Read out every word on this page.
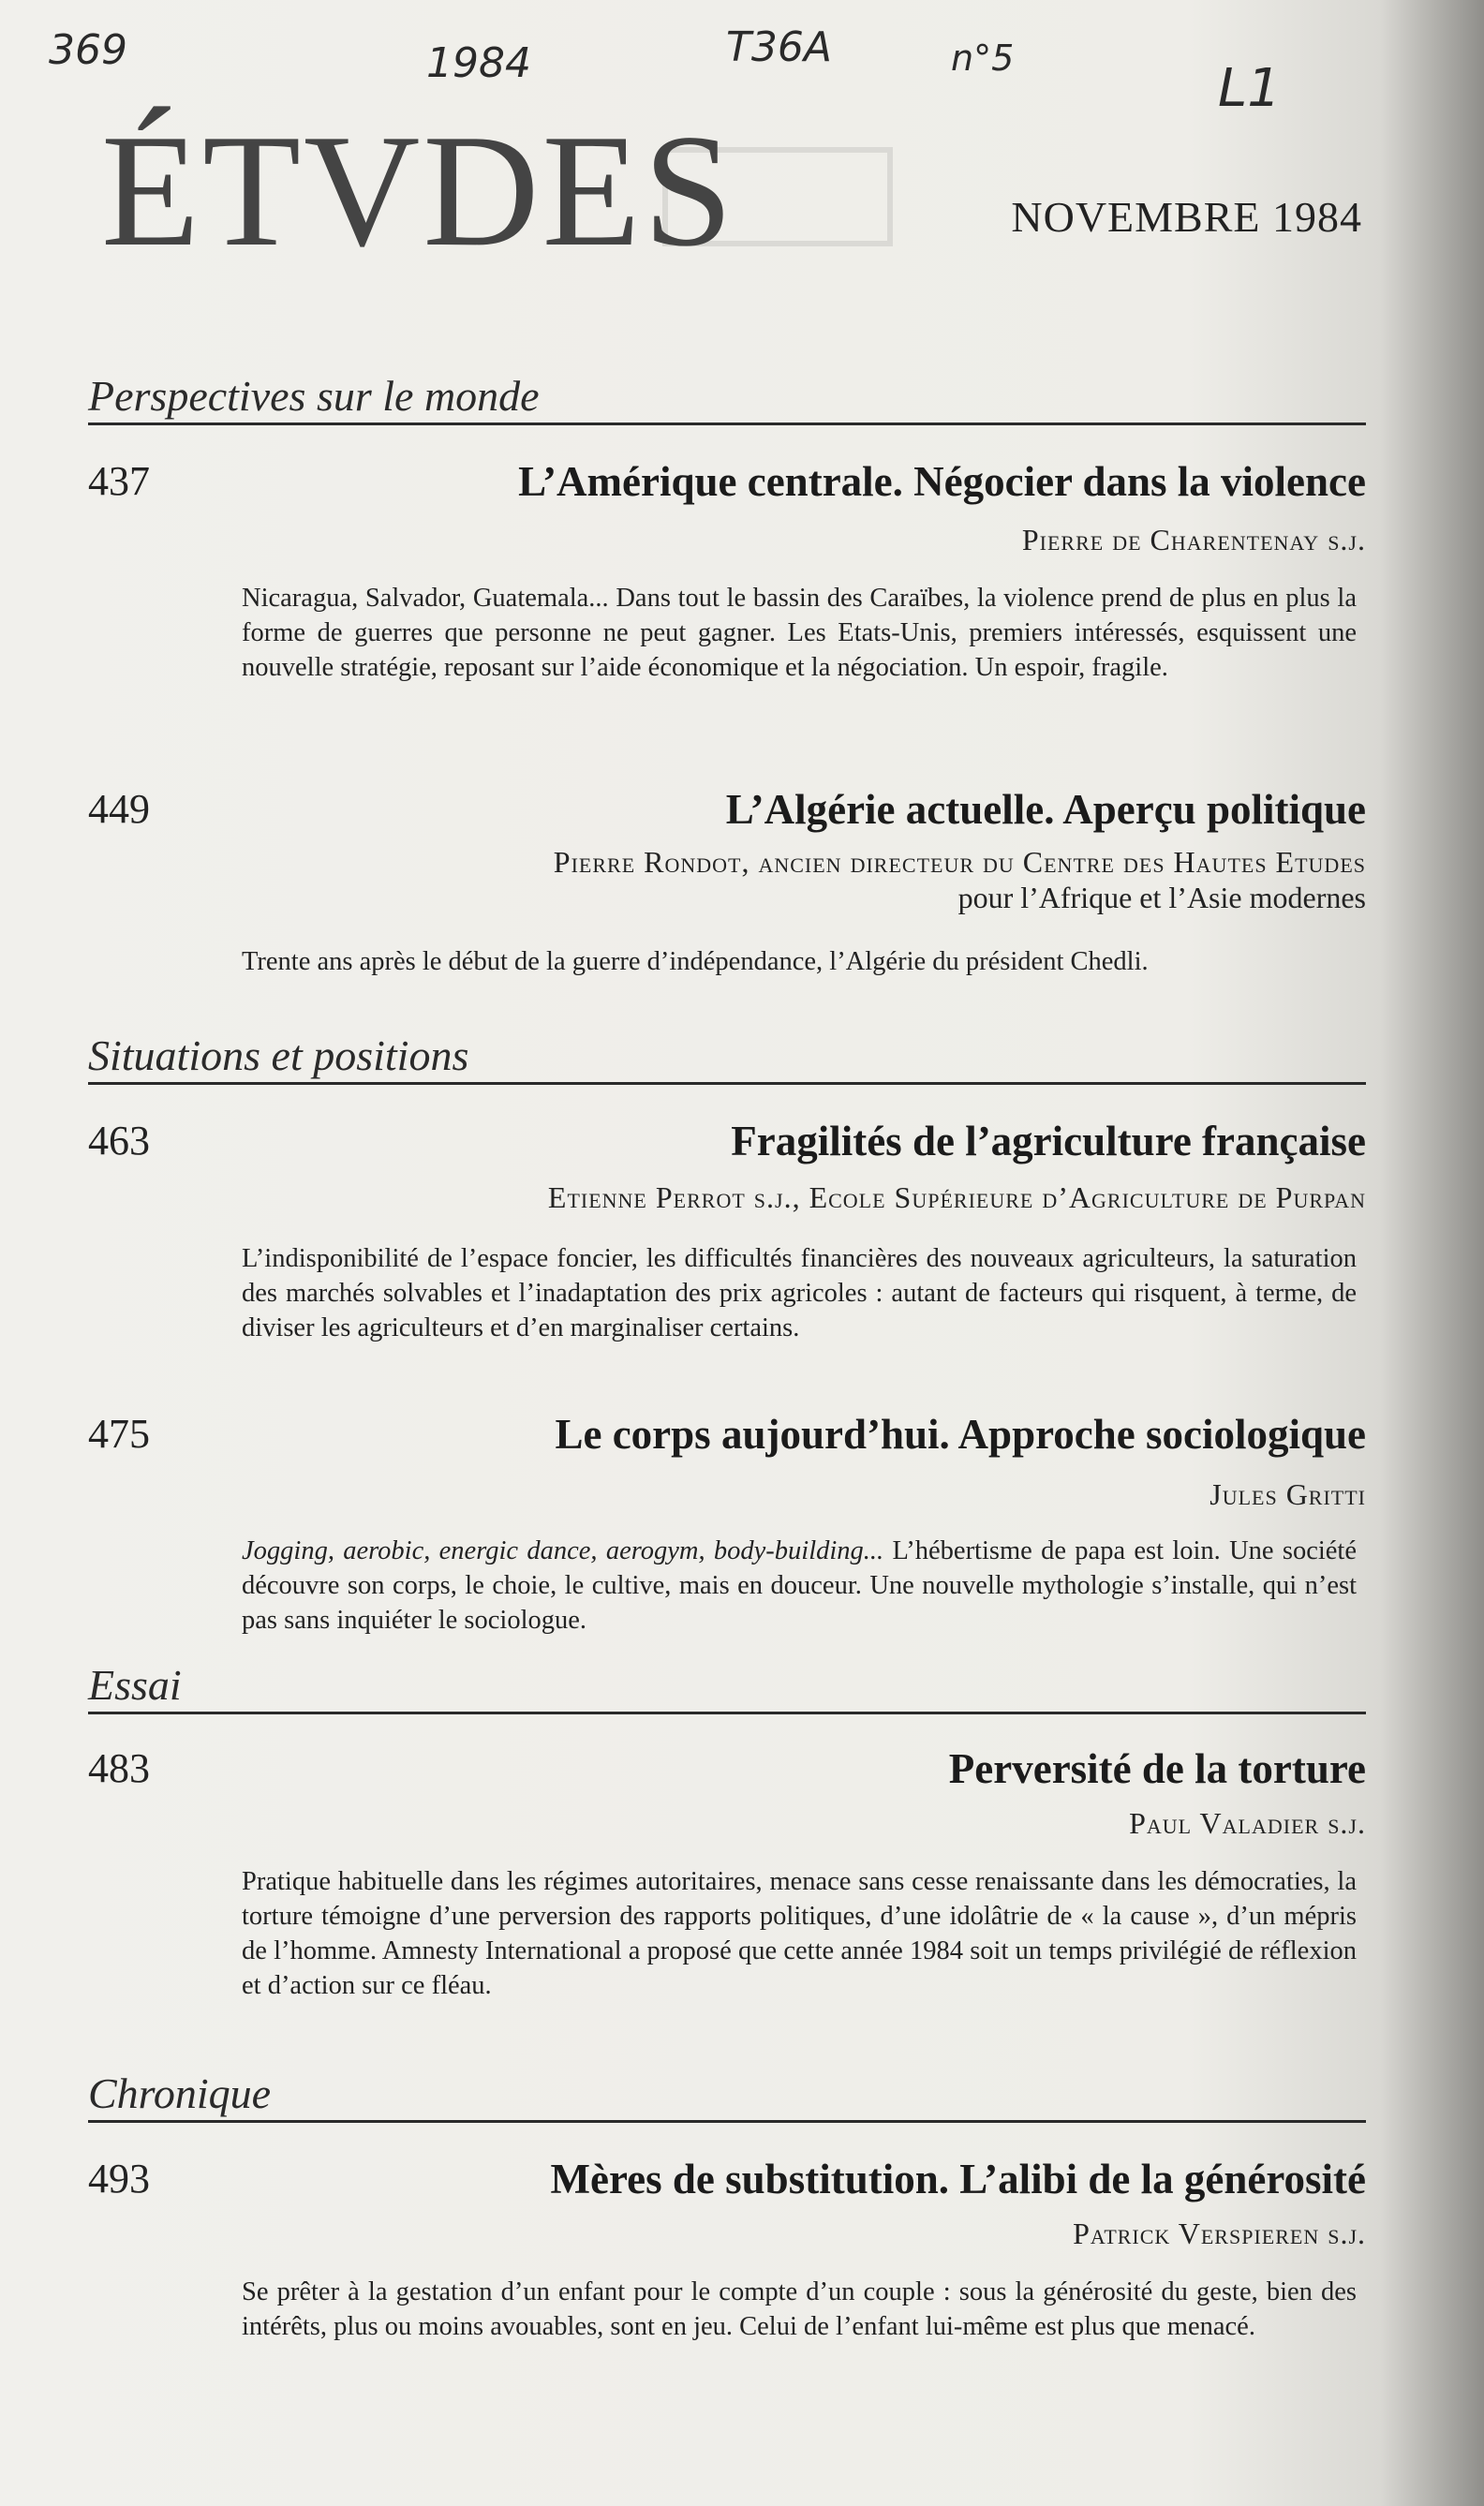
369	1984	T36A	n°5	L1
ÉTVDES	NOVEMBRE 1984
Perspectives sur le monde
437	L’Amérique centrale. Négocier dans la violence
Pierre de Charentenay s.j.
Nicaragua, Salvador, Guatemala... Dans tout le bassin des Caraïbes, la violence prend de plus en plus la forme de guerres que personne ne peut gagner. Les Etats-Unis, premiers intéressés, esquissent une nouvelle stratégie, reposant sur l’aide économique et la négociation. Un espoir, fragile.
449	L’Algérie actuelle. Aperçu politique
Pierre Rondot, ancien directeur du Centre des Hautes Etudes
pour l’Afrique et l’Asie modernes
Trente ans après le début de la guerre d’indépendance, l’Algérie du président Chedli.
Situations et positions
463	Fragilités de l’agriculture française
Etienne Perrot s.j., Ecole Supérieure d’Agriculture de Purpan
L’indisponibilité de l’espace foncier, les difficultés financières des nouveaux agriculteurs, la saturation des marchés solvables et l’inadaptation des prix agricoles : autant de facteurs qui risquent, à terme, de diviser les agriculteurs et d’en marginaliser certains.
475	Le corps aujourd’hui. Approche sociologique
Jules Gritti
Jogging, aerobic, energic dance, aerogym, body-building... L’hébertisme de papa est loin. Une société découvre son corps, le choie, le cultive, mais en douceur. Une nouvelle mythologie s’installe, qui n’est pas sans inquiéter le sociologue.
Essai
483	Perversité de la torture
Paul Valadier s.j.
Pratique habituelle dans les régimes autoritaires, menace sans cesse renaissante dans les démocraties, la torture témoigne d’une perversion des rapports politiques, d’une idolâtrie de « la cause », d’un mépris de l’homme. Amnesty International a proposé que cette année 1984 soit un temps privilégié de réflexion et d’action sur ce fléau.
Chronique
493	Mères de substitution. L’alibi de la générosité
Patrick Verspieren s.j.
Se prêter à la gestation d’un enfant pour le compte d’un couple : sous la générosité du geste, bien des intérêts, plus ou moins avouables, sont en jeu. Celui de l’enfant lui-même est plus que menacé.
